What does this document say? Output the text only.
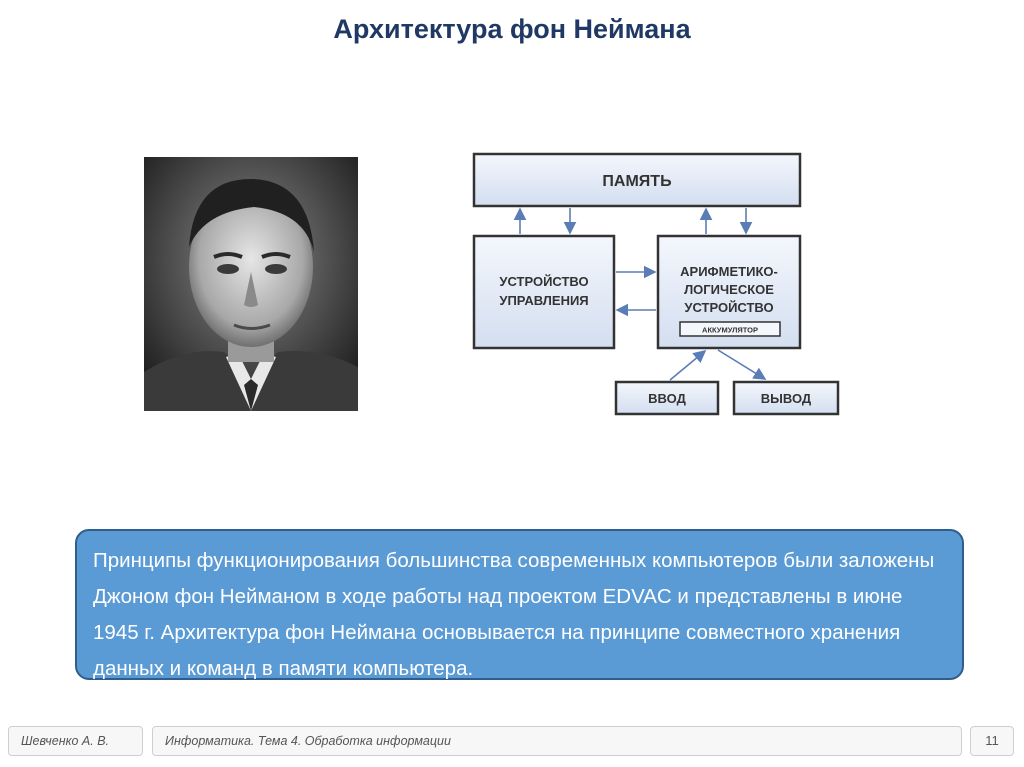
Архитектура фон Неймана
ПАМЯТЬ
УСТРОЙСТВО
УПРАВЛЕНИЯ
АРИФМЕТИКО-
ЛОГИЧЕСКОЕ
УСТРОЙСТВО
АККУМУЛЯТОР
ВВОД	ВЫВОД
Принципы функционирования большинства современных компьютеров были заложены Джоном фон Нейманом в ходе работы над проектом EDVAC и представлены в июне 1945 г. Архитектура фон Неймана основывается на принципе совместного хранения данных и команд в памяти компьютера.
Шевченко А. В.	Информатика. Тема 4. Обработка информации	11
